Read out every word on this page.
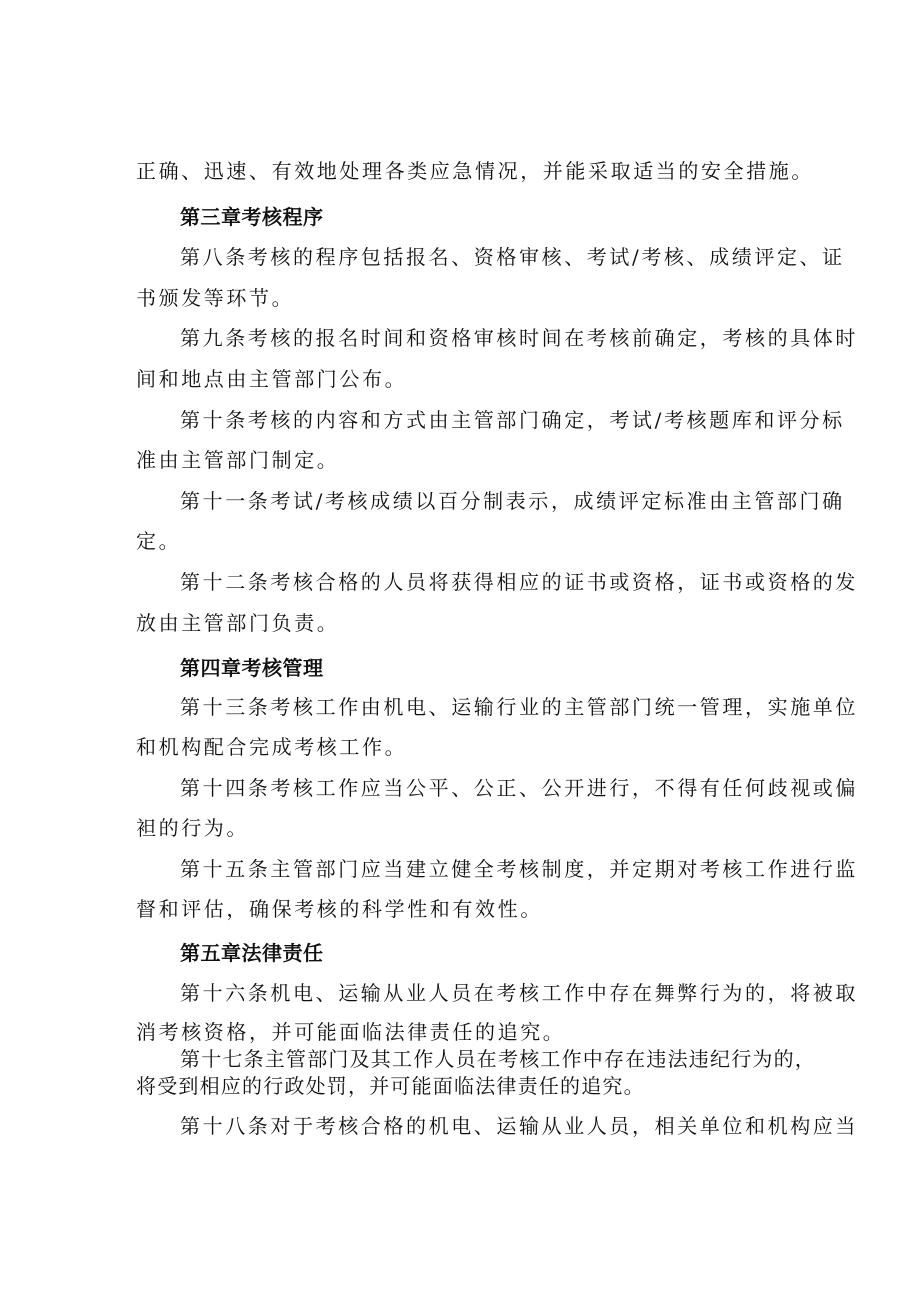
正确、迅速、有效地处理各类应急情况，并能采取适当的安全措施。
第三章考核程序
第八条考核的程序包括报名、资格审核、考试/考核、成绩评定、证
书颁发等环节。
第九条考核的报名时间和资格审核时间在考核前确定，考核的具体时
间和地点由主管部门公布。
第十条考核的内容和方式由主管部门确定，考试/考核题库和评分标
准由主管部门制定。
第十一条考试/考核成绩以百分制表示，成绩评定标准由主管部门确
定。
第十二条考核合格的人员将获得相应的证书或资格，证书或资格的发
放由主管部门负责。
第四章考核管理
第十三条考核工作由机电、运输行业的主管部门统一管理，实施单位
和机构配合完成考核工作。
第十四条考核工作应当公平、公正、公开进行，不得有任何歧视或偏
袒的行为。
第十五条主管部门应当建立健全考核制度，并定期对考核工作进行监
督和评估，确保考核的科学性和有效性。
第五章法律责任
第十六条机电、运输从业人员在考核工作中存在舞弊行为的，将被取
消考核资格，并可能面临法律责任的追究。
第十七条主管部门及其工作人员在考核工作中存在违法违纪行为的，
将受到相应的行政处罚，并可能面临法律责任的追究。
第十八条对于考核合格的机电、运输从业人员，相关单位和机构应当
